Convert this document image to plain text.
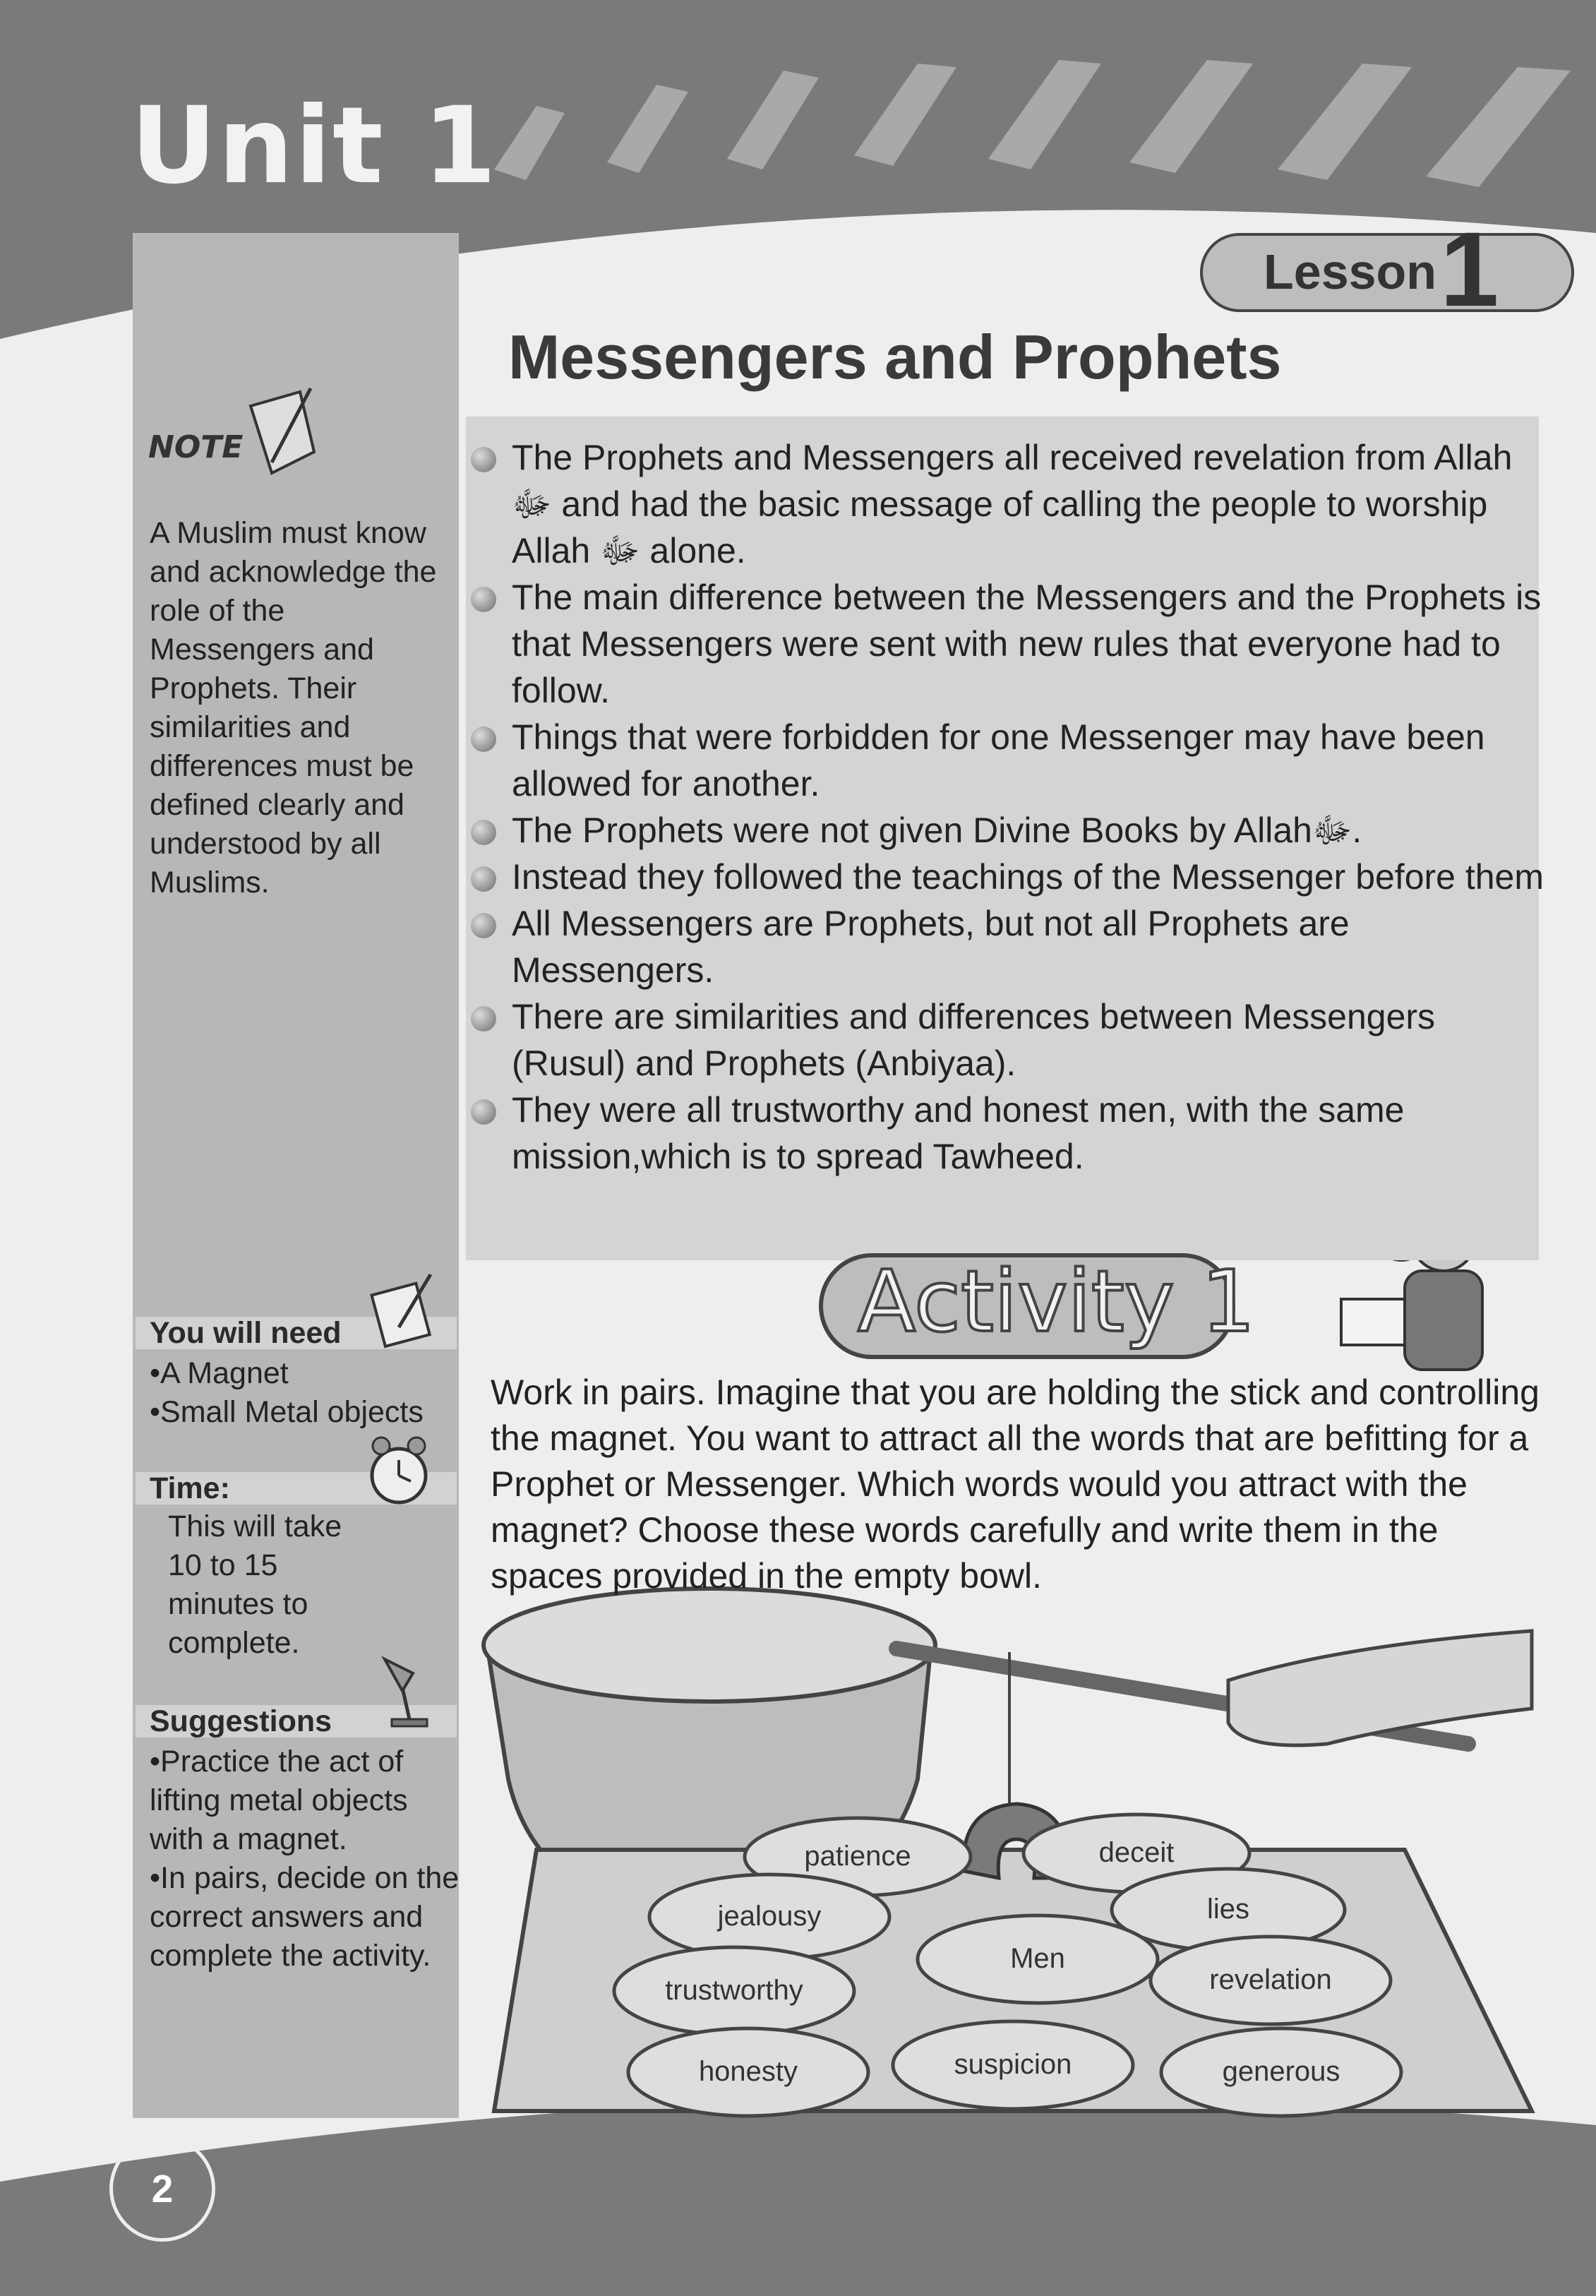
Unit 1
NOTE
A Muslim must know and acknowledge the role of the Messengers and Prophets. Their similarities and differences must be defined clearly and understood by all Muslims.
You will need
•A Magnet
•Small Metal objects
Time:
This will take 10 to 15 minutes to complete.
Suggestions
•Practice the act of lifting metal objects with a magnet.
•In pairs, decide on the correct answers and complete the activity.
Lesson 1
Messengers and Prophets
The Prophets and Messengers all received revelation from Allah ﷻ and had the basic message of calling the people to worship Allah ﷻ alone.
The main difference between the Messengers and the Prophets is that Messengers were sent with new rules that everyone had to follow.
Things that were forbidden for one Messenger may have been allowed for another.
The Prophets were not given Divine Books by Allahﷻ.
Instead they followed the teachings of the Messenger before them
All Messengers are Prophets, but not all Prophets are Messengers.
There are similarities and differences between Messengers (Rusul) and Prophets (Anbiyaa).
They were all trustworthy and honest men, with the same mission,which is to spread Tawheed.
Activity 1
Work in pairs. Imagine that you are holding the stick and controlling the magnet. You want to attract all the words that are befitting for a Prophet or Messenger. Which words would you attract with the magnet? Choose these words carefully and write them in the spaces provided in the empty bowl.
patience	deceit
jealousy	lies
Men
trustworthy	revelation
honesty	suspicion	generous
2
